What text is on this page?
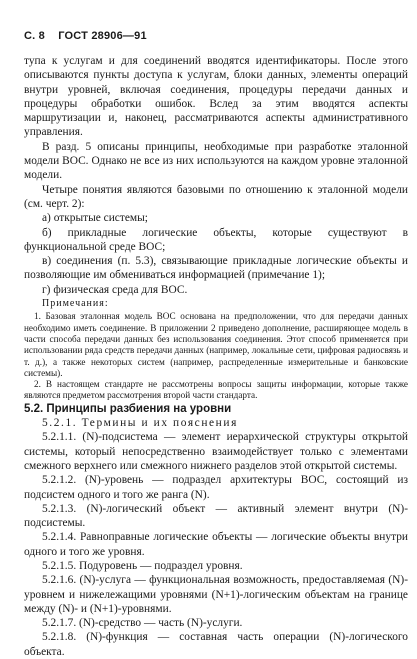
С. 8 ГОСТ 28906—91

тупа к услугам и для соединений вводятся идентификаторы. После этого описываются пункты доступа к услугам, блоки данных, элементы операций внутри уровней, включая соединения, процедуры передачи данных и процедуры обработки ошибок. Вслед за этим вводятся аспекты маршрутизации и, наконец, рассматриваются аспекты административного управления.

В разд. 5 описаны принципы, необходимые при разработке эталонной модели ВОС. Однако не все из них используются на каждом уровне эталонной модели.

Четыре понятия являются базовыми по отношению к эталонной модели (см. черт. 2):

а) открытые системы;

б) прикладные логические объекты, которые существуют в функциональной среде ВОС;

в) соединения (п. 5.3), связывающие прикладные логические объекты и позволяющие им обмениваться информацией (примечание 1);

г) физическая среда для ВОС.

Примечания:

1. Базовая эталонная модель ВОС основана на предположении, что для передачи данных необходимо иметь соединение. В приложении 2 приведено дополнение, расширяющее модель в части способа передачи данных без использования соединения. Этот способ применяется при использовании ряда средств передачи данных (например, локальные сети, цифровая радиосвязь и т. д.), а также некоторых систем (например, распределенные измерительные и банковские системы).

2. В настоящем стандарте не рассмотрены вопросы защиты информации, которые также являются предметом рассмотрения второй части стандарта.

5.2. Принципы разбиения на уровни

5.2.1. Термины и их пояснения

5.2.1.1. (N)-подсистема — элемент иерархической структуры открытой системы, который непосредственно взаимодействует только с элементами смежного верхнего или смежного нижнего разделов этой открытой системы.

5.2.1.2. (N)-уровень — подраздел архитектуры ВОС, состоящий из подсистем одного и того же ранга (N).

5.2.1.3. (N)-логический объект — активный элемент внутри (N)-подсистемы.

5.2.1.4. Равноправные логические объекты — логические объекты внутри одного и того же уровня.

5.2.1.5. Подуровень — подраздел уровня.

5.2.1.6. (N)-услуга — функциональная возможность, предоставляемая (N)-уровнем и нижележащими уровнями (N+1)-логическим объектам на границе между (N)- и (N+1)-уровнями.

5.2.1.7. (N)-средство — часть (N)-услуги.

5.2.1.8. (N)-функция — составная часть операции (N)-логического объекта.
